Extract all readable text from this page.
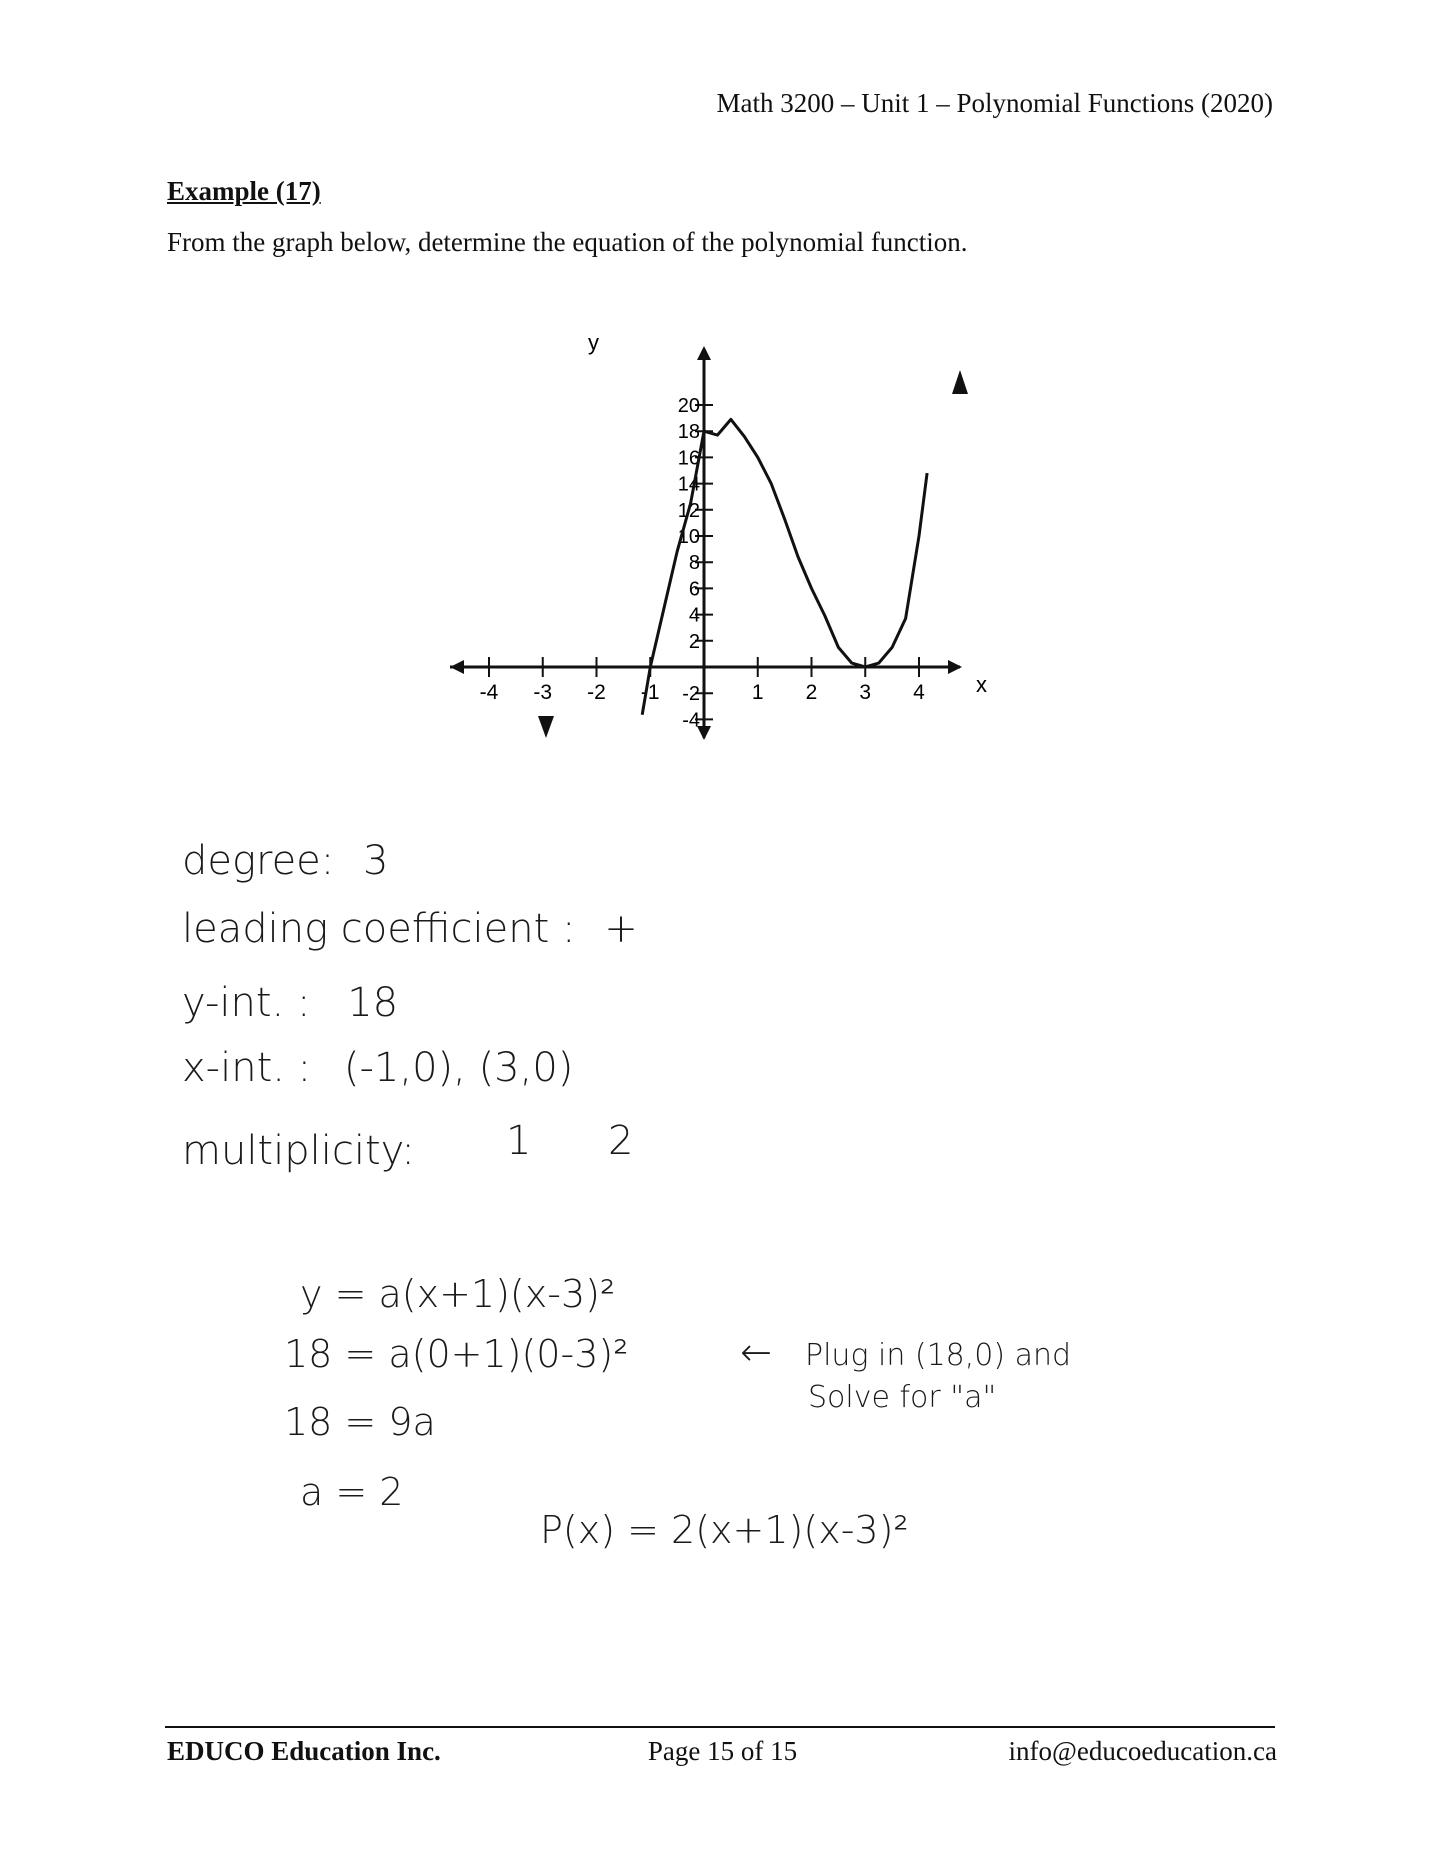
Math 3200 – Unit 1 – Polynomial Functions (2020)
Example (17)
From the graph below, determine the equation of the polynomial function.
-4 -3 -2 -1	1 2 3 4
20
18
16
14
12
10
8
6
4
2
-2
-4
x
y
degree: 3
leading coefficient : +
y-int. : 18
x-int. : (-1,0), (3,0)
multiplicity: 1 2
y = a(x+1)(x-3)²
18 = a(0+1)(0-3)²	← Plug in (18,0) and
Solve for "a"
18 = 9a
a = 2
P(x) = 2(x+1)(x-3)²
EDUCO Education Inc.	Page 15 of 15	info@educoeducation.ca
